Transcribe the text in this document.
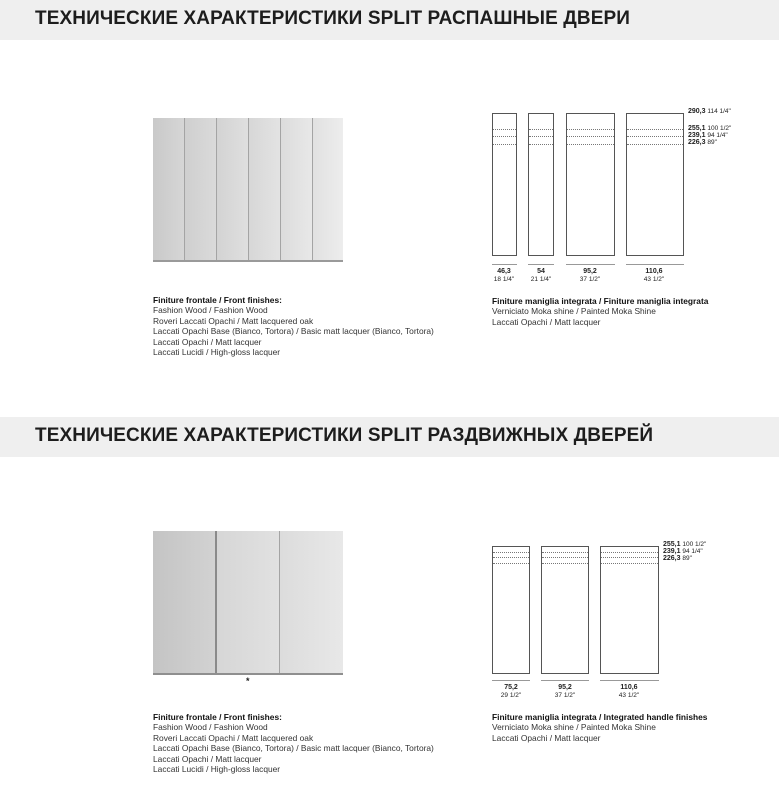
ТЕХНИЧЕСКИЕ ХАРАКТЕРИСТИКИ SPLIT РАСПАШНЫЕ ДВЕРИ
Finiture frontale / Front finishes:
Fashion Wood / Fashion Wood
Roveri Laccati Opachi / Matt lacquered oak
Laccati Opachi Base (Bianco, Tortora) / Basic matt lacquer (Bianco, Tortora)
Laccati Opachi / Matt lacquer
Laccati Lucidi / High-gloss lacquer
290,3 114 1/4"
255,1 100 1/2"
239,1 94 1/4"
226,3 89"
46,3
18 1/4"
54
21 1/4"
95,2
37 1/2"
110,6
43 1/2"
Finiture maniglia integrata / Finiture maniglia integrata
Verniciato Moka shine / Painted Moka Shine
Laccati Opachi / Matt lacquer
ТЕХНИЧЕСКИЕ ХАРАКТЕРИСТИКИ SPLIT РАЗДВИЖНЫХ ДВЕРЕЙ
*
Finiture frontale / Front finishes:
Fashion Wood / Fashion Wood
Roveri Laccati Opachi / Matt lacquered oak
Laccati Opachi Base (Bianco, Tortora) / Basic matt lacquer (Bianco, Tortora)
Laccati Opachi / Matt lacquer
Laccati Lucidi / High-gloss lacquer
255,1 100 1/2"
239,1 94 1/4"
226,3 89"
75,2
29 1/2"
95,2
37 1/2"
110,6
43 1/2"
Finiture maniglia integrata / Integrated handle finishes
Verniciato Moka shine / Painted Moka Shine
Laccati Opachi / Matt lacquer
